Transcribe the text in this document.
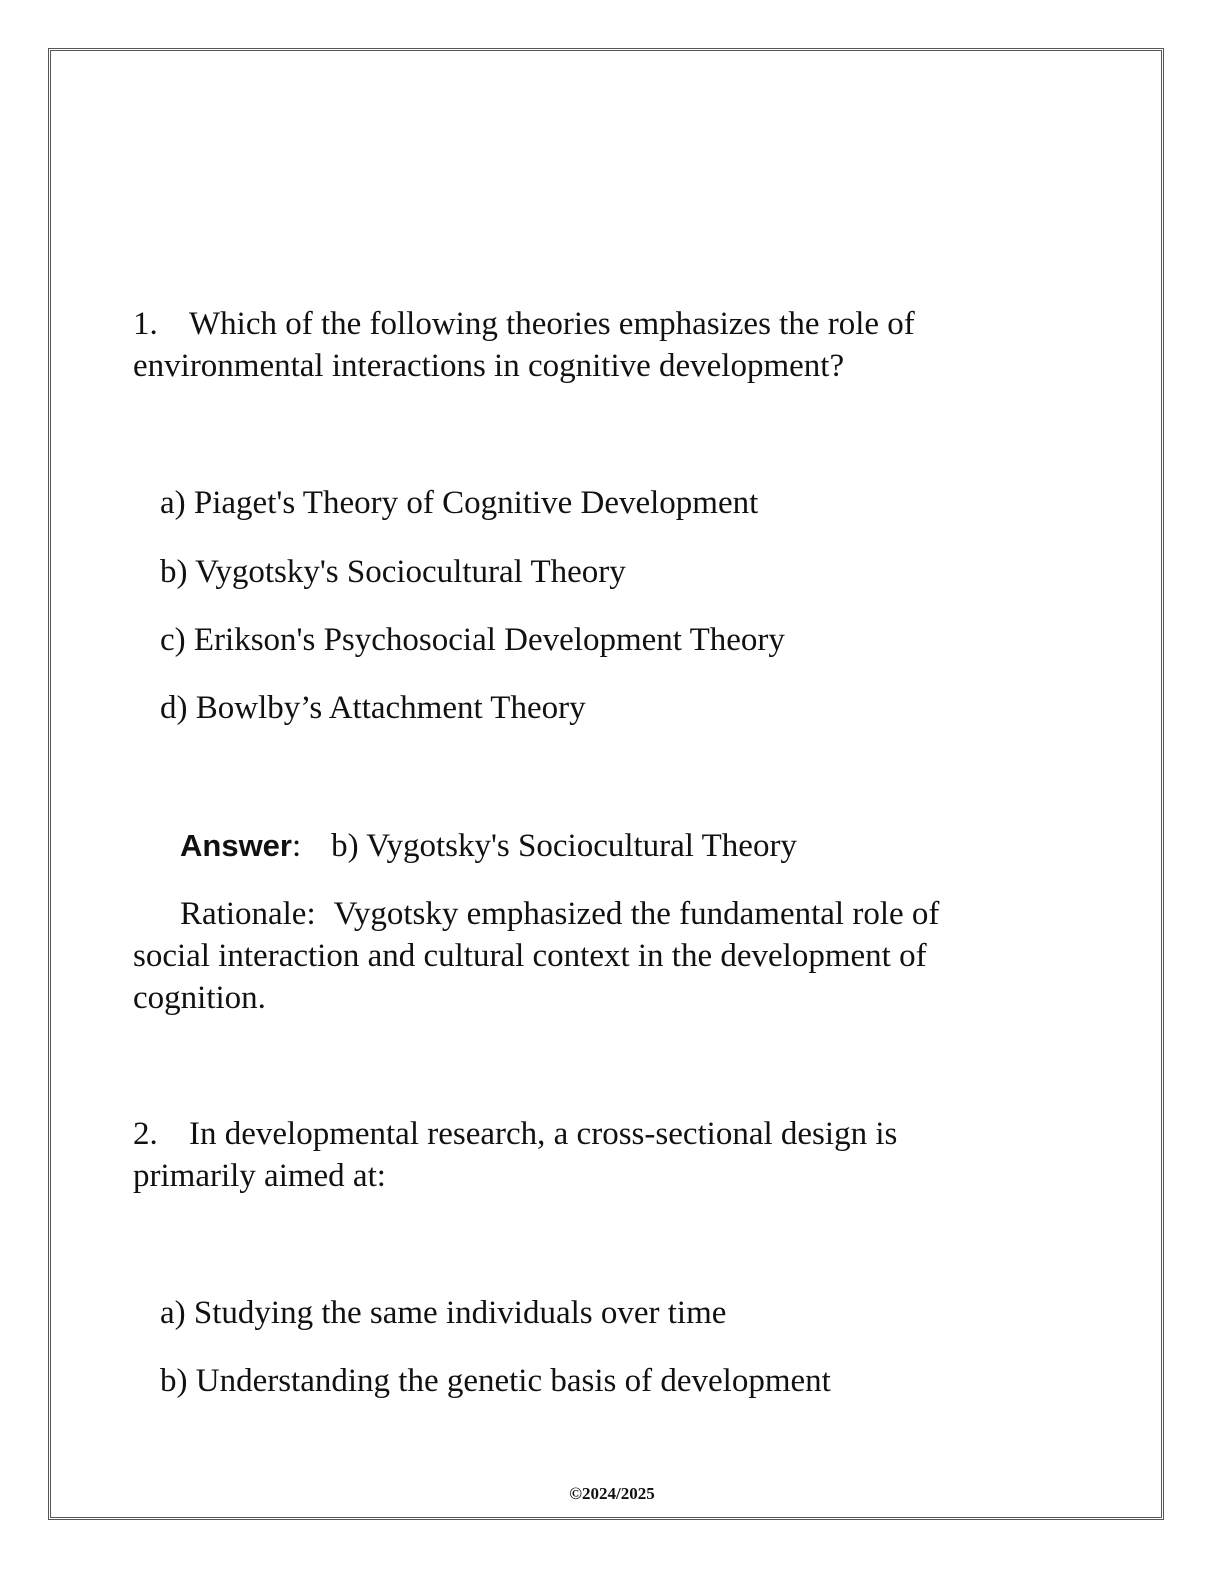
1. Which of the following theories emphasizes the role of
environmental interactions in cognitive development?
a) Piaget's Theory of Cognitive Development
b) Vygotsky's Sociocultural Theory
c) Erikson's Psychosocial Development Theory
d) Bowlby’s Attachment Theory
Answer: b) Vygotsky's Sociocultural Theory
Rationale: Vygotsky emphasized the fundamental role of
social interaction and cultural context in the development of
cognition.
2. In developmental research, a cross-sectional design is
primarily aimed at:
a) Studying the same individuals over time
b) Understanding the genetic basis of development
©2024/2025
